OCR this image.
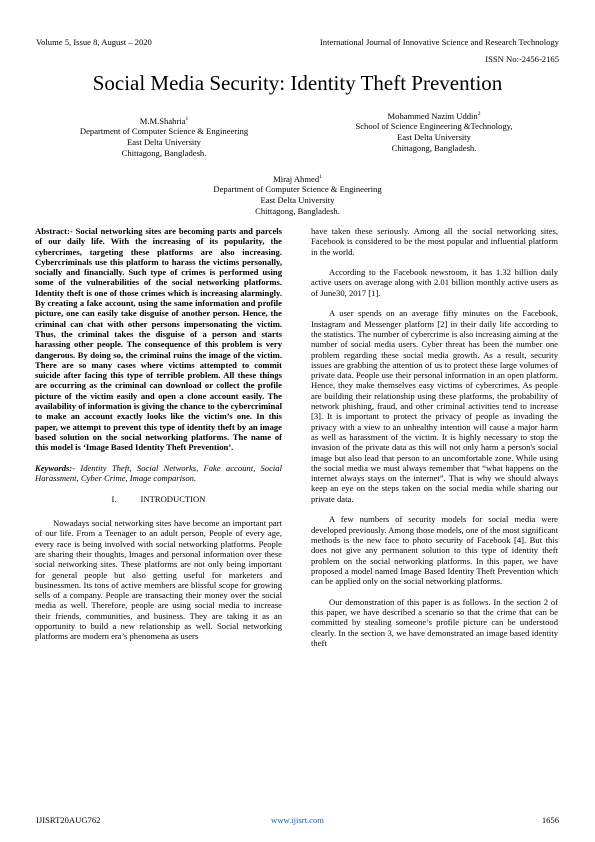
Volume 5, Issue 8, August – 2020	International Journal of Innovative Science and Research Technology
ISSN No:-2456-2165
Social Media Security: Identity Theft Prevention
M.M.Shahria$^1$
Department of Computer Science & Engineering
East Delta University
Chittagong, Bangladesh.
Mohammed Nazim Uddin$^2$
School of Science Engineering &Technology,
East Delta University
Chittagong, Bangladesh.
Miraj Ahmed$^1$
Department of Computer Science & Engineering
East Delta University
Chittagong, Bangladesh.

Abstract:- Social networking sites are becoming parts and parcels of our daily life. With the increasing of its popularity, the cybercrimes, targeting these platforms are also increasing. Cybercriminals use this platform to harass the victims personally, socially and financially. Such type of crimes is performed using some of the vulnerabilities of the social networking platforms. Identity theft is one of those crimes which is increasing alarmingly. By creating a fake account, using the same information and profile picture, one can easily take disguise of another person. Hence, the criminal can chat with other persons impersonating the victim. Thus, the criminal takes the disguise of a person and starts harassing other people. The consequence of this problem is very dangerous. By doing so, the criminal ruins the image of the victim. There are so many cases where victims attempted to commit suicide after facing this type of terrible problem. All these things are occurring as the criminal can download or collect the profile picture of the victim easily and open a clone account easily. The availability of information is giving the chance to the cybercriminal to make an account exactly looks like the victim’s one. In this paper, we attempt to prevent this type of identity theft by an image based solution on the social networking platforms. The name of this model is ‘Image Based Identity Theft Prevention’.

Keywords:- Identity Theft, Social Networks, Fake account, Social Harassment, Cyber Crime, Image comparison.

I.	INTRODUCTION

Nowadays social networking sites have become an important part of our life. From a Teenager to an adult person, People of every age, every race is being involved with social networking platforms. People are sharing their thoughts, Images and personal information over these social networking sites. These platforms are not only being important for general people but also getting useful for marketers and businessmen. Its tons of active members are blissful scope for growing sells of a company. People are transacting their money over the social media as well. Therefore, people are using social media to increase their friends, communities, and business. They are taking it as an opportunity to build a new relationship as well. Social networking platforms are modern era’s phenomena as users

have taken these seriously. Among all the social networking sites, Facebook is considered to be the most popular and influential platform in the world.

According to the Facebook newsroom, it has 1.32 billion daily active users on average along with 2.01 billion monthly active users as of June30, 2017 [1].

A user spends on an average fifty minutes on the Facebook, Instagram and Messenger platform [2] in their daily life according to the statistics. The number of cybercrime is also increasing aiming at the number of social media users. Cyber threat has been the number one problem regarding these social media growth. As a result, security issues are grabbing the attention of us to protect these large volumes of private data. People use their personal information in an open platform. Hence, they make themselves easy victims of cybercrimes. As people are building their relationship using these platforms, the probability of network phishing, fraud, and other criminal activities tend to increase [3]. It is important to protect the privacy of people as invading the privacy with a view to an unhealthy intention will cause a major harm as well as harassment of the victim. It is highly necessary to stop the invasion of the private data as this will not only harm a person's social image but also lead that person to an uncomfortable zone. While using the social media we must always remember that “what happens on the internet always stays on the internet”. That is why we should always keep an eye on the steps taken on the social media while sharing our private data.

A few numbers of security models for social media were developed previously. Among those models, one of the most significant methods is the new face to photo security of Facebook [4]. But this does not give any permanent solution to this type of identity theft problem on the social networking platforms. In this paper, we have proposed a model named Image Based Identity Theft Prevention which can be applied only on the social networking platforms.

Our demonstration of this paper is as follows. In the section 2 of this paper, we have described a scenario so that the crime that can be committed by stealing someone’s profile picture can be understood clearly. In the section 3, we have demonstrated an image based identity theft

IJISRT20AUG762	www.ijisrt.com	1656
